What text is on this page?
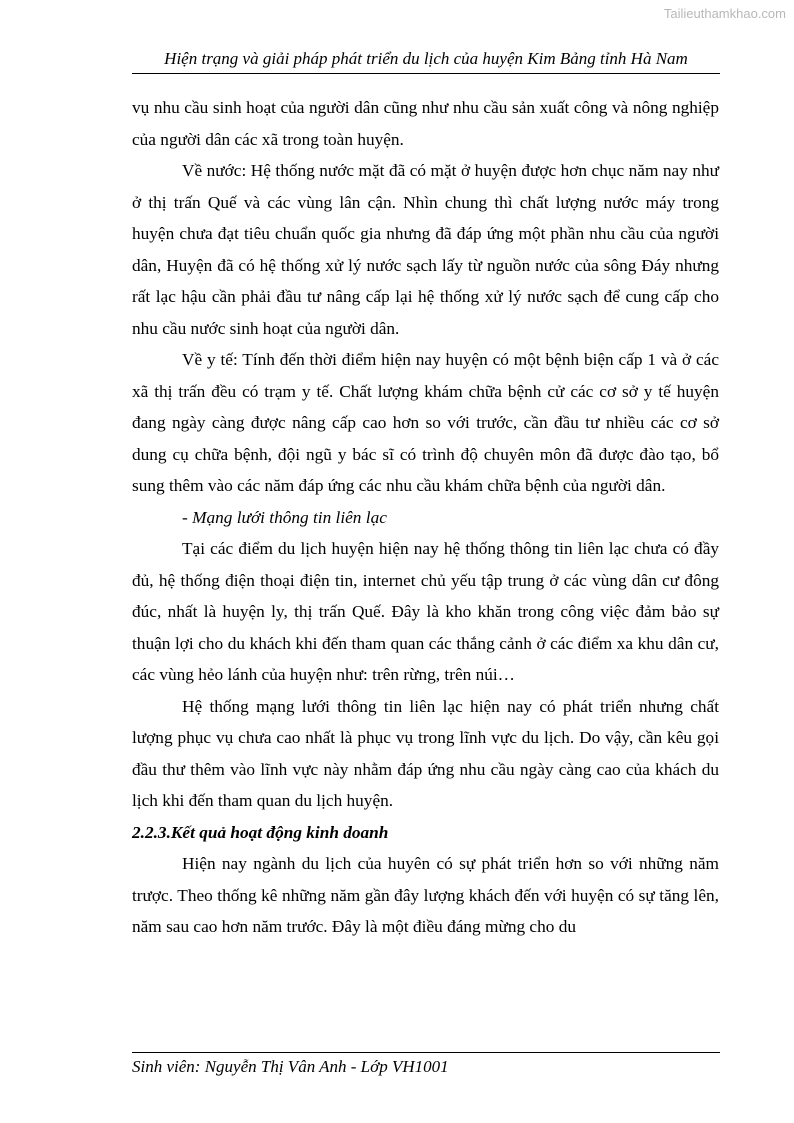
Tailieuthamkhao.com
Hiện trạng và giải pháp phát triển du lịch của huyện Kim Bảng tỉnh Hà Nam

vụ nhu cầu sinh hoạt của người dân cũng như nhu cầu sản xuất công và nông nghiệp của người dân các xã trong toàn huyện.

Về nước: Hệ thống nước mặt đã có mặt ở huyện được hơn chục năm nay như ở thị trấn Quế và các vùng lân cận. Nhìn chung thì chất lượng nước máy trong huyện chưa đạt tiêu chuẩn quốc gia nhưng đã đáp ứng một phần nhu cầu của người dân, Huyện đã có hệ thống xử lý nước sạch lấy từ nguồn nước của sông Đáy nhưng rất lạc hậu cần phải đầu tư nâng cấp lại hệ thống xử lý nước sạch để cung cấp cho nhu cầu nước sinh hoạt của người dân.

Về y tế: Tính đến thời điểm hiện nay huyện có một bệnh biện cấp 1 và ở các xã thị trấn đều có trạm y tế. Chất lượng khám chữa bệnh cử các cơ sở y tế huyện đang ngày càng được nâng cấp cao hơn so với trước, cần đầu tư nhiều các cơ sở dung cụ chữa bệnh, đội ngũ y bác sĩ có trình độ chuyên môn đã được đào tạo, bổ sung thêm vào các năm đáp ứng các nhu cầu khám chữa bệnh của người dân.

- Mạng lưới thông tin liên lạc

Tại các điểm du lịch huyện hiện nay hệ thống thông tin liên lạc chưa có đầy đủ, hệ thống điện thoại điện tin, internet chủ yếu tập trung ở các vùng dân cư đông đúc, nhất là huyện ly, thị trấn Quế. Đây là kho khăn trong công việc đảm bảo sự thuận lợi cho du khách khi đến tham quan các thắng cảnh ở các điểm xa khu dân cư, các vùng hẻo lánh của huyện như: trên rừng, trên núi…

Hệ thống mạng lưới thông tin liên lạc hiện nay có phát triển nhưng chất lượng phục vụ chưa cao nhất là phục vụ trong lĩnh vực du lịch. Do vậy, cần kêu gọi đầu thư thêm vào lĩnh vực này nhằm đáp ứng nhu cầu ngày càng cao của khách du lịch khi đến tham quan du lịch huyện.

2.2.3.Kết quả hoạt động kinh doanh

Hiện nay ngành du lịch của huyên có sự phát triển hơn so với những năm trược. Theo thống kê những năm gần đây lượng khách đến với huyện có sự tăng lên, năm sau cao hơn năm trước. Đây là một điều đáng mừng cho du

Sinh viên: Nguyễn Thị Vân Anh - Lớp VH1001
